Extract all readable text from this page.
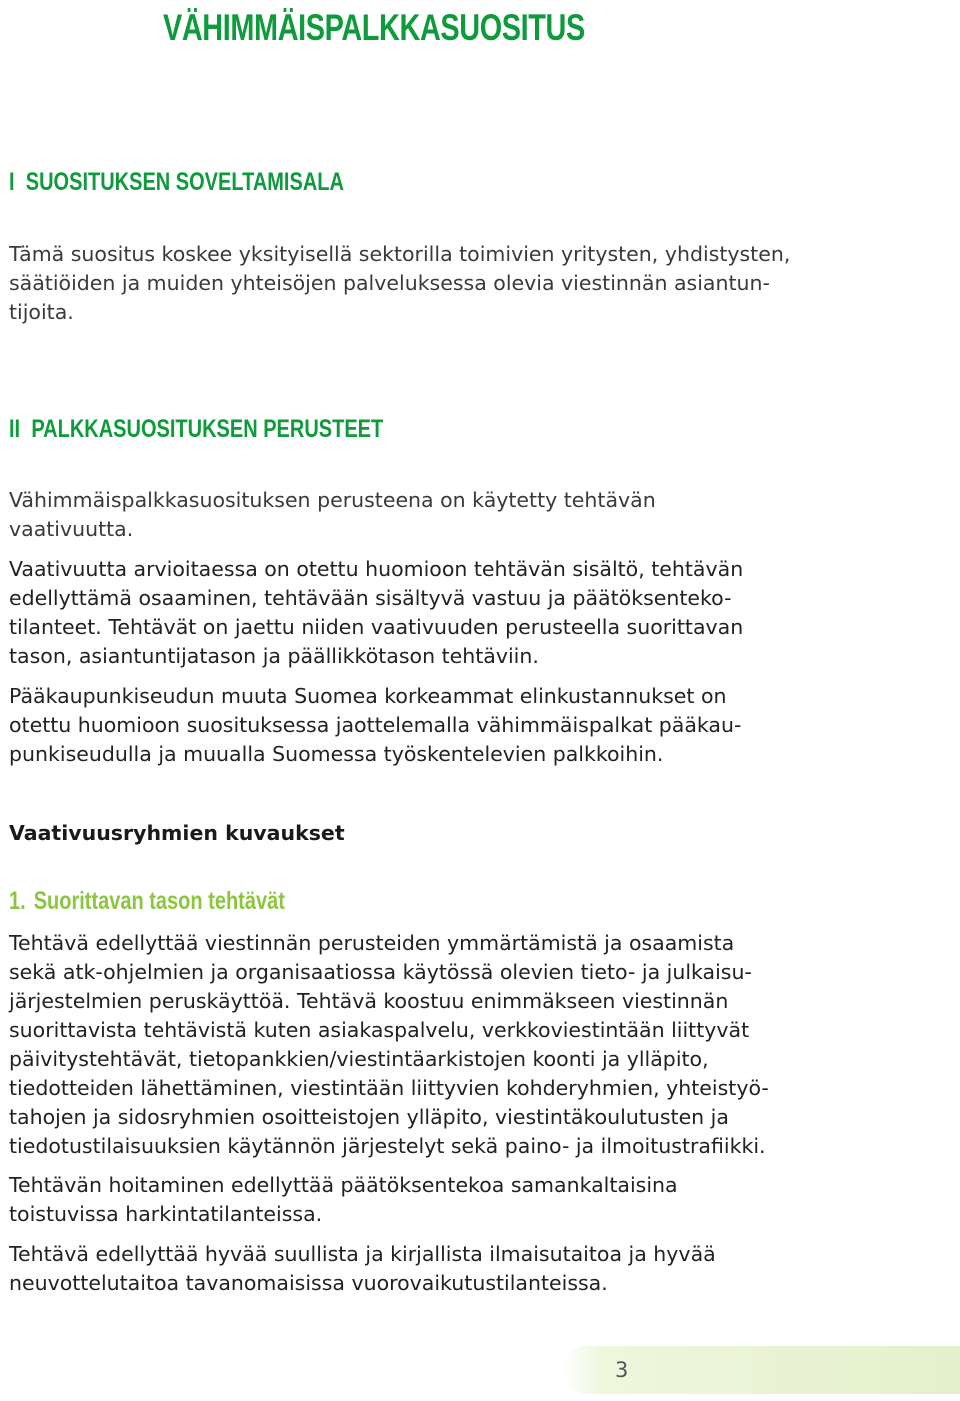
VÄHIMMÄISPALKKASUOSITUS
I SUOSITUKSEN SOVELTAMISALA

Tämä suositus koskee yksityisellä sektorilla toimivien yritysten, yhdistysten,
säätiöiden ja muiden yhteisöjen palveluksessa olevia viestinnän asiantun-
tijoita.

II PALKKASUOSITUKSEN PERUSTEET

Vähimmäispalkkasuosituksen perusteena on käytetty tehtävän
vaativuutta.

Vaativuutta arvioitaessa on otettu huomioon tehtävän sisältö, tehtävän
edellyttämä osaaminen, tehtävään sisältyvä vastuu ja päätöksenteko-
tilanteet. Tehtävät on jaettu niiden vaativuuden perusteella suorittavan
tason, asiantuntijatason ja päällikkötason tehtäviin.

Pääkaupunkiseudun muuta Suomea korkeammat elinkustannukset on
otettu huomioon suosituksessa jaottelemalla vähimmäispalkat pääkau-
punkiseudulla ja muualla Suomessa työskentelevien palkkoihin.

Vaativuusryhmien kuvaukset
1. Suorittavan tason tehtävät

Tehtävä edellyttää viestinnän perusteiden ymmärtämistä ja osaamista
sekä atk-ohjelmien ja organisaatiossa käytössä olevien tieto- ja julkaisu-
järjestelmien peruskäyttöä. Tehtävä koostuu enimmäkseen viestinnän
suorittavista tehtävistä kuten asiakaspalvelu, verkkoviestintään liittyvät
päivitystehtävät, tietopankkien/viestintäarkistojen koonti ja ylläpito,
tiedotteiden lähettäminen, viestintään liittyvien kohderyhmien, yhteistyö-
tahojen ja sidosryhmien osoitteistojen ylläpito, viestintäkoulutusten ja
tiedotustilaisuuksien käytännön järjestelyt sekä paino- ja ilmoitustrafiikki.

Tehtävän hoitaminen edellyttää päätöksentekoa samankaltaisina
toistuvissa harkintatilanteissa.

Tehtävä edellyttää hyvää suullista ja kirjallista ilmaisutaitoa ja hyvää
neuvottelutaitoa tavanomaisissa vuorovaikutustilanteissa.

3
